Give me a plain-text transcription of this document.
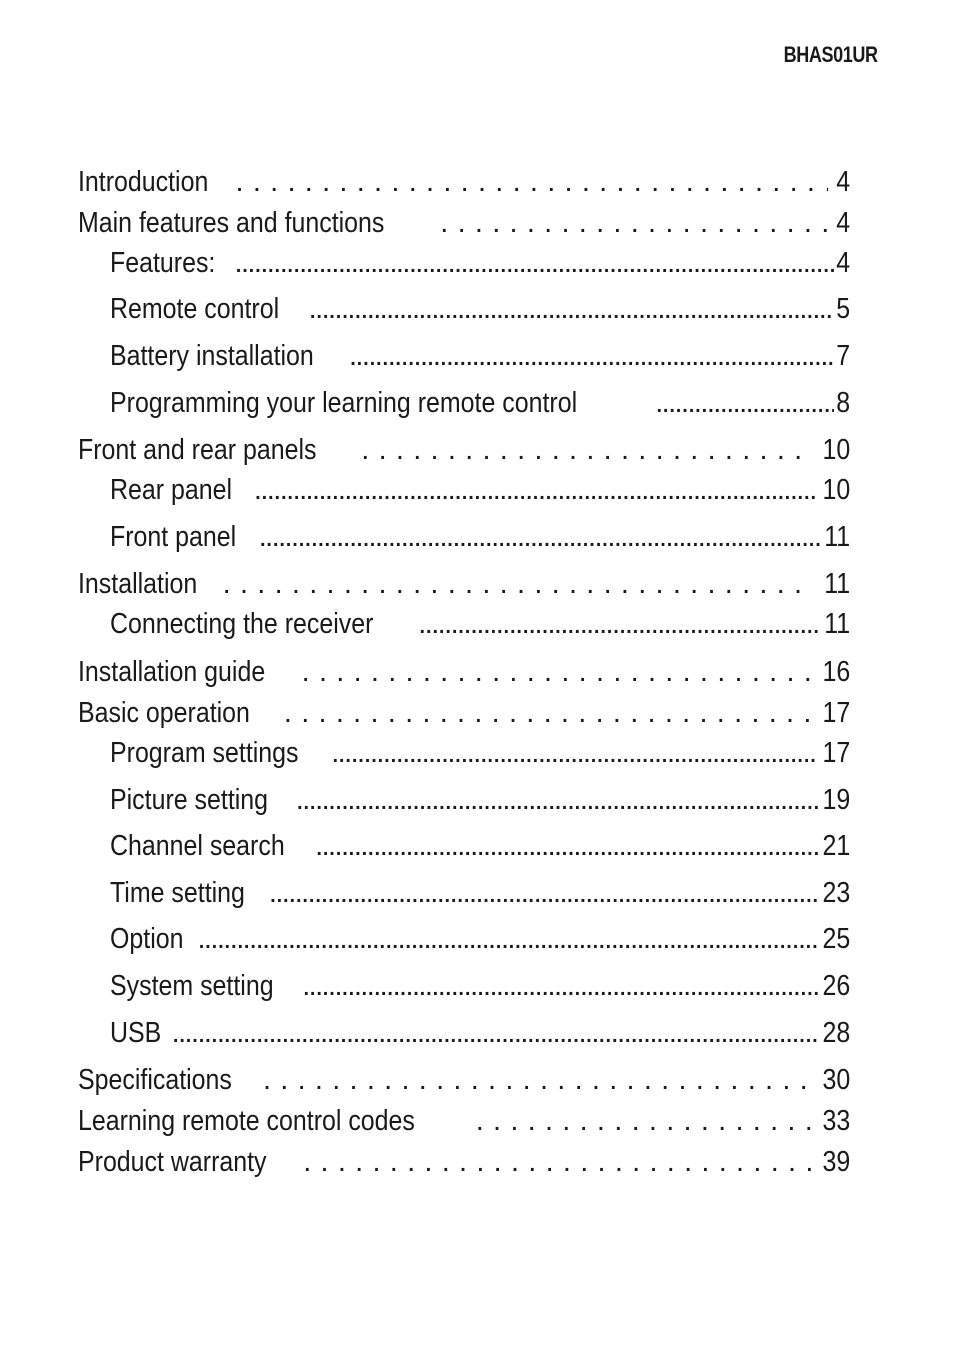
BHAS01UR
Introduction . . .	4
Main features and functions . . .	4
Features: .....	4
Remote control .....	5
Battery installation .....	7
Programming your learning remote control .....	8
Front and rear panels . . .	10
Rear panel .....	10
Front panel .....	11
Installation . . .	11
Connecting the receiver .....	11
Installation guide . . .	16
Basic operation . . .	17
Program settings .....	17
Picture setting .....	19
Channel search .....	21
Time setting .....	23
Option .....	25
System setting .....	26
USB .....	28
Specifications . . .	30
Learning remote control codes . . .	33
Product warranty . . .	39
